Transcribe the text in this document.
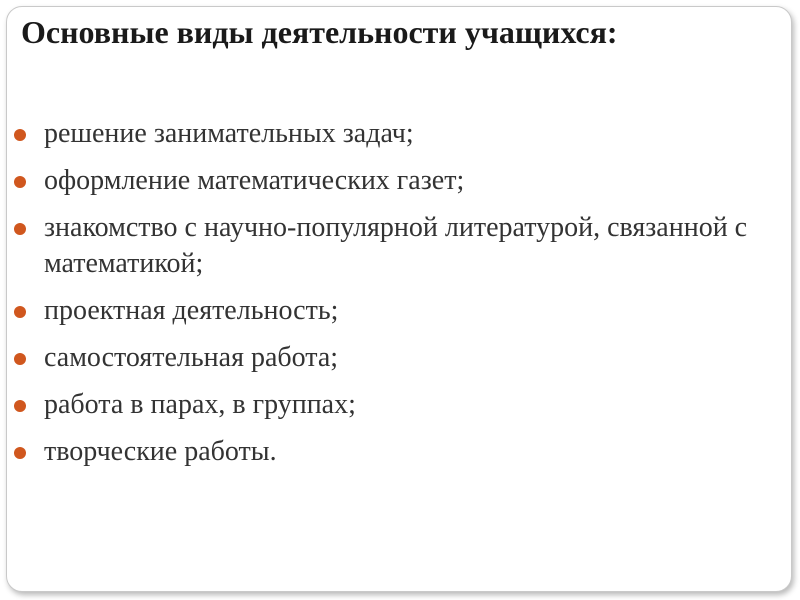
Основные виды деятельности учащихся:
решение занимательных задач;
оформление математических газет;
знакомство с научно-популярной литературой, связанной с математикой;
проектная деятельность;
самостоятельная работа;
работа в парах, в группах;
творческие работы.
